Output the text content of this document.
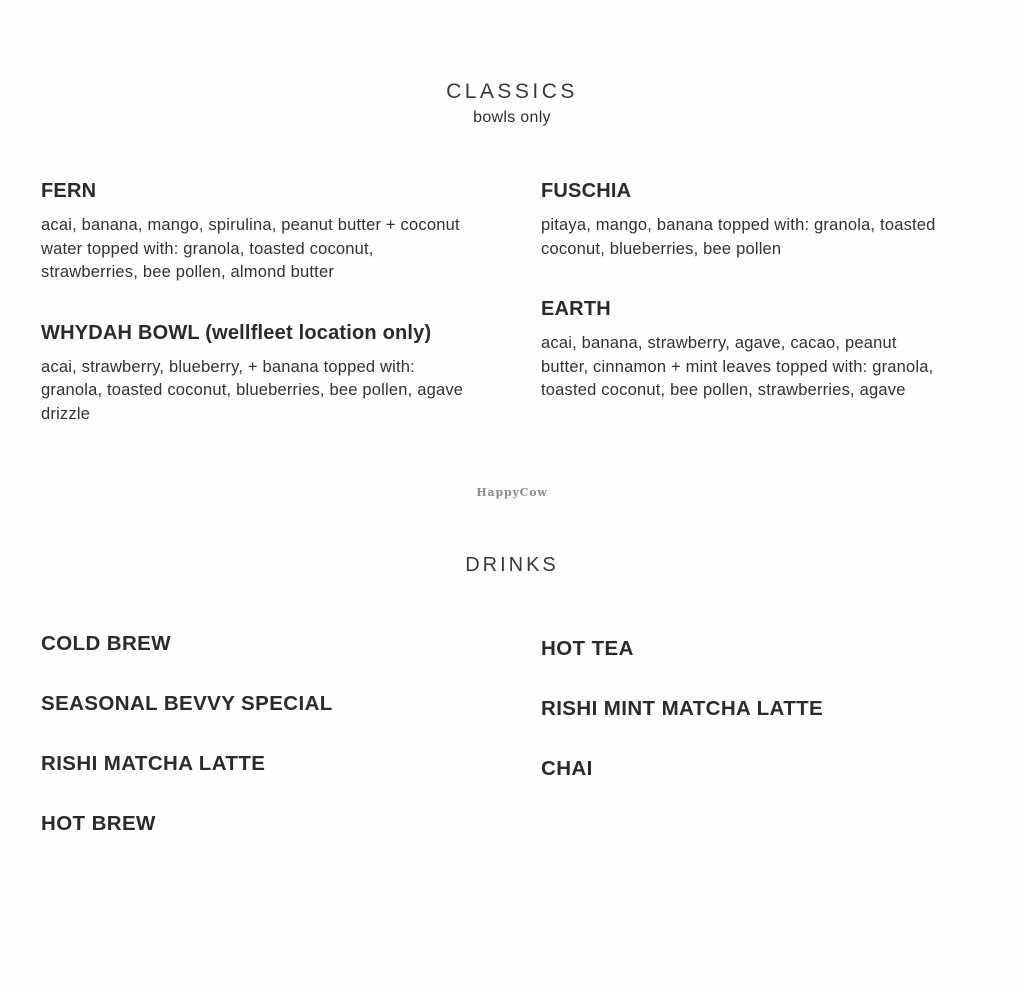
CLASSICS
bowls only
FERN

acai, banana, mango, spirulina, peanut butter + coconut water topped with: granola, toasted coconut, strawberries, bee pollen, almond butter

WHYDAH BOWL (wellfleet location only)

acai, strawberry, blueberry, + banana topped with: granola, toasted coconut, blueberries, bee pollen, agave drizzle

FUSCHIA

pitaya, mango, banana topped with: granola, toasted coconut, blueberries, bee pollen

EARTH

acai, banana, strawberry, agave, cacao, peanut butter, cinnamon + mint leaves topped with: granola, toasted coconut, bee pollen, strawberries, agave

HappyCow
DRINKS
COLD BREW
SEASONAL BEVVY SPECIAL
RISHI MATCHA LATTE
HOT BREW
HOT TEA
RISHI MINT MATCHA LATTE
CHAI
